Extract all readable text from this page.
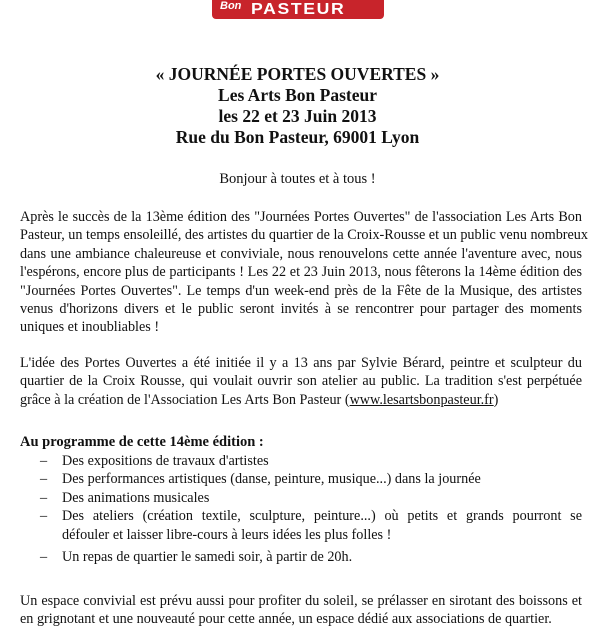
Bon PASTEUR
« JOURNÉE PORTES OUVERTES »
Les Arts Bon Pasteur
les 22 et 23 Juin 2013
Rue du Bon Pasteur, 69001 Lyon
Bonjour à toutes et à tous !
Après le succès de la 13ème édition des "Journées Portes Ouvertes" de l'association Les Arts Bon
Pasteur, un temps ensoleillé, des artistes du quartier de la Croix-Rousse et un public venu nombreux
dans une ambiance chaleureuse et conviviale, nous renouvelons cette année l'aventure avec, nous
l'espérons, encore plus de participants ! Les 22 et 23 Juin 2013, nous fêterons la 14ème édition des
"Journées Portes Ouvertes". Le temps d'un week-end près de la Fête de la Musique, des artistes
venus d'horizons divers et le public seront invités à se rencontrer pour partager des moments
uniques et inoubliables !
L'idée des Portes Ouvertes a été initiée il y a 13 ans par Sylvie Bérard, peintre et sculpteur du
quartier de la Croix Rousse, qui voulait ouvrir son atelier au public. La tradition s'est perpétuée
grâce à la création de l'Association Les Arts Bon Pasteur (www.lesartsbonpasteur.fr)
Au programme de cette 14ème édition :
– Des expositions de travaux d'artistes
– Des performances artistiques (danse, peinture, musique...) dans la journée
– Des animations musicales
– Des ateliers (création textile, sculpture, peinture...) où petits et grands pourront se
défouler et laisser libre-cours à leurs idées les plus folles !
– Un repas de quartier le samedi soir, à partir de 20h.
Un espace convivial est prévu aussi pour profiter du soleil, se prélasser en sirotant des boissons et
en grignotant et une nouveauté pour cette année, un espace dédié aux associations de quartier.
